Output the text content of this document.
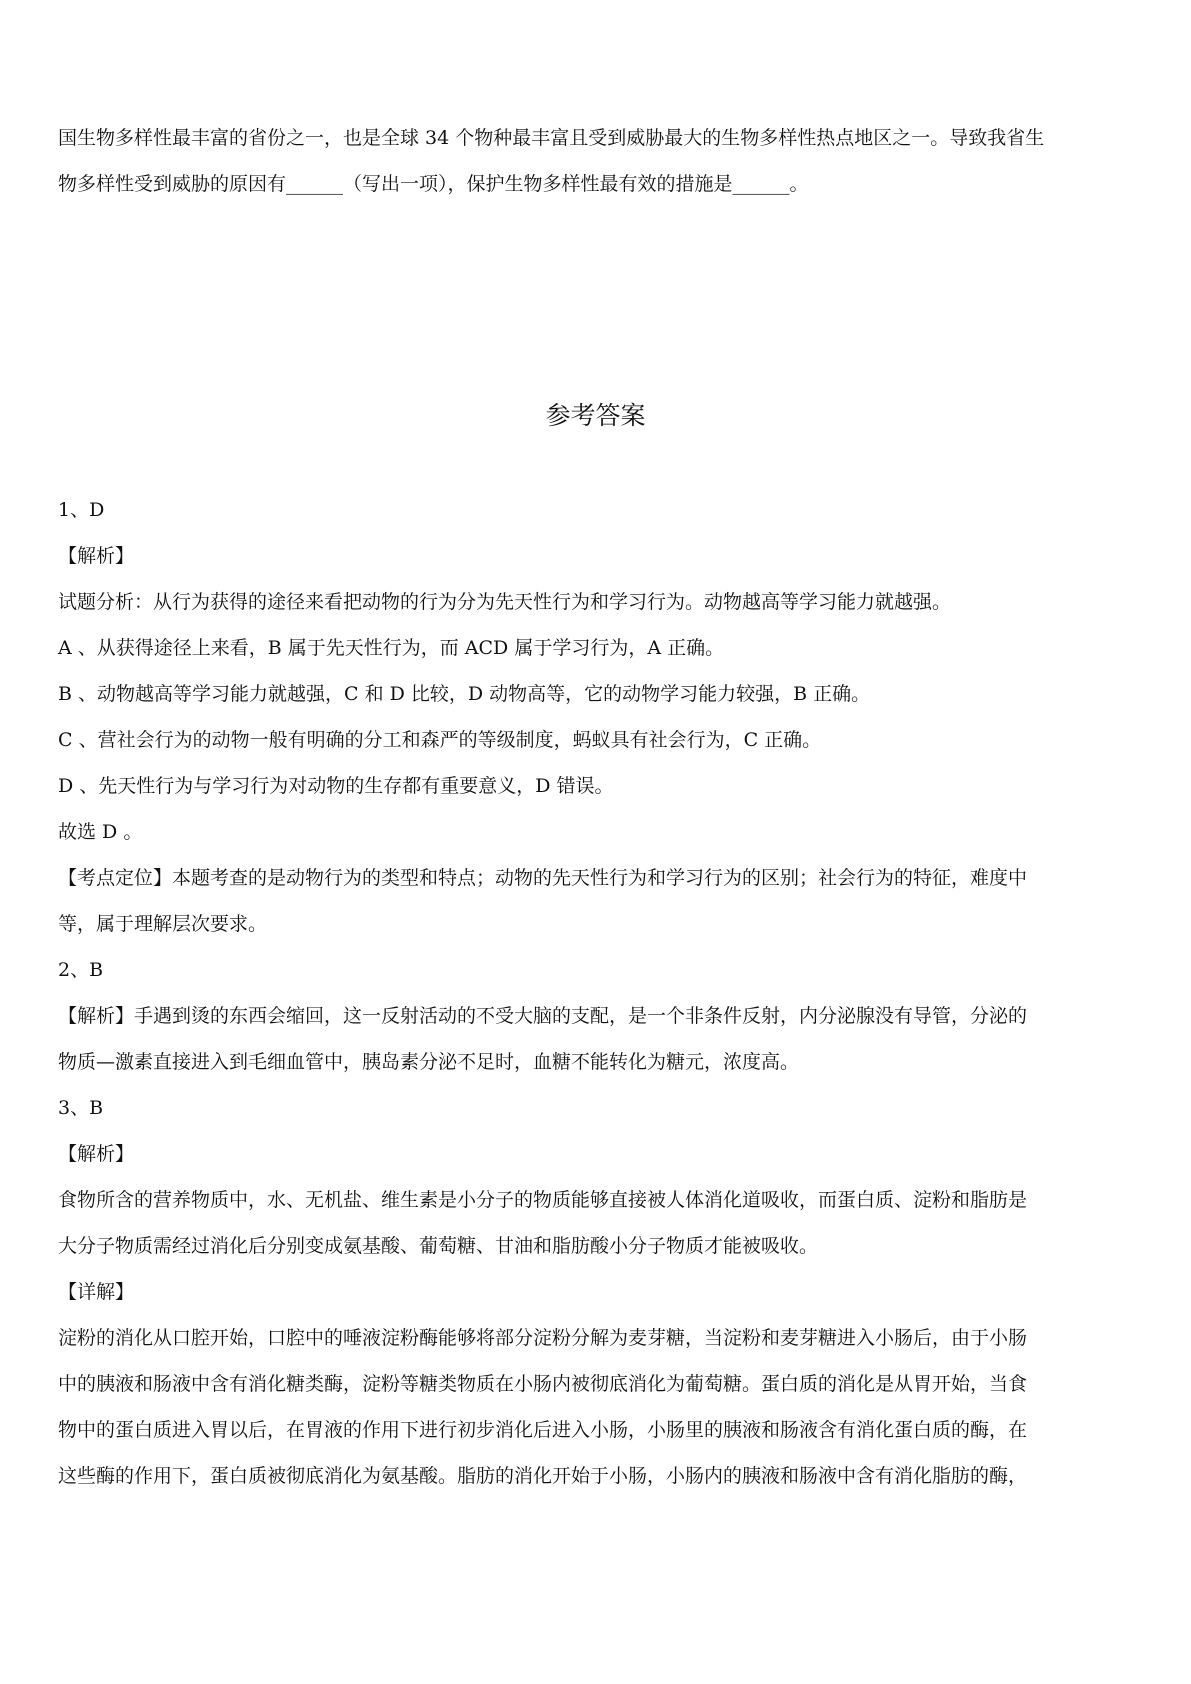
国生物多样性最丰富的省份之一，也是全球 34 个物种最丰富且受到威胁最大的生物多样性热点地区之一。导致我省生

物多样性受到威胁的原因有______（写出一项），保护生物多样性最有效的措施是______。

参考答案

1、D

【解析】

试题分析：从行为获得的途径来看把动物的行为分为先天性行为和学习行为。动物越高等学习能力就越强。

A 、从获得途径上来看，B 属于先天性行为，而 ACD 属于学习行为，A 正确。

B 、动物越高等学习能力就越强，C 和 D 比较，D 动物高等，它的动物学习能力较强，B 正确。

C 、营社会行为的动物一般有明确的分工和森严的等级制度，蚂蚁具有社会行为，C 正确。

D 、先天性行为与学习行为对动物的生存都有重要意义，D 错误。

故选 D 。

【考点定位】本题考查的是动物行为的类型和特点；动物的先天性行为和学习行为的区别；社会行为的特征，难度中

等，属于理解层次要求。

2、B

【解析】手遇到烫的东西会缩回，这一反射活动的不受大脑的支配，是一个非条件反射，内分泌腺没有导管，分泌的

物质—激素直接进入到毛细血管中，胰岛素分泌不足时，血糖不能转化为糖元，浓度高。

3、B

【解析】

食物所含的营养物质中，水、无机盐、维生素是小分子的物质能够直接被人体消化道吸收，而蛋白质、淀粉和脂肪是

大分子物质需经过消化后分别变成氨基酸、葡萄糖、甘油和脂肪酸小分子物质才能被吸收。

【详解】

淀粉的消化从口腔开始，口腔中的唾液淀粉酶能够将部分淀粉分解为麦芽糖，当淀粉和麦芽糖进入小肠后，由于小肠

中的胰液和肠液中含有消化糖类酶，淀粉等糖类物质在小肠内被彻底消化为葡萄糖。蛋白质的消化是从胃开始，当食

物中的蛋白质进入胃以后，在胃液的作用下进行初步消化后进入小肠，小肠里的胰液和肠液含有消化蛋白质的酶，在

这些酶的作用下，蛋白质被彻底消化为氨基酸。脂肪的消化开始于小肠，小肠内的胰液和肠液中含有消化脂肪的酶，
